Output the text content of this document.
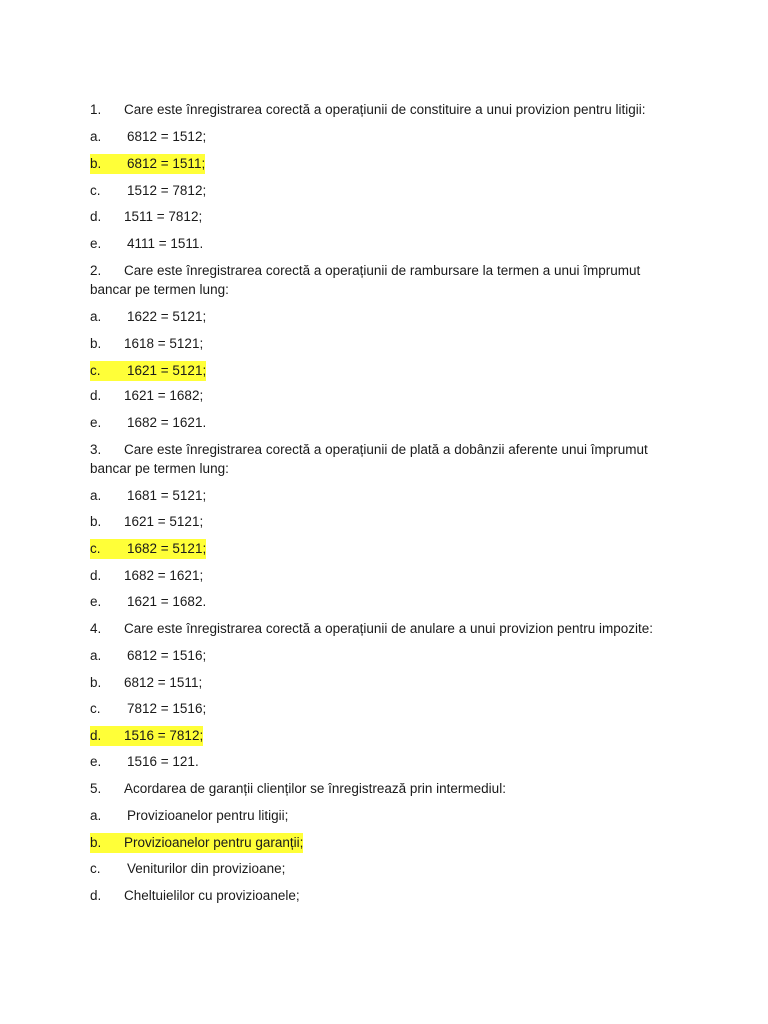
1. Care este înregistrarea corectă a operațiunii de constituire a unui provizion pentru litigii:
a. 6812 = 1512;
b. 6812 = 1511;
c. 1512 = 7812;
d. 1511 = 7812;
e. 4111 = 1511.
2. Care este înregistrarea corectă a operațiunii de rambursare la termen a unui împrumut
bancar pe termen lung:
a. 1622 = 5121;
b. 1618 = 5121;
c. 1621 = 5121;
d. 1621 = 1682;
e. 1682 = 1621.
3. Care este înregistrarea corectă a operațiunii de plată a dobânzii aferente unui împrumut
bancar pe termen lung:
a. 1681 = 5121;
b. 1621 = 5121;
c. 1682 = 5121;
d. 1682 = 1621;
e. 1621 = 1682.
4. Care este înregistrarea corectă a operațiunii de anulare a unui provizion pentru impozite:
a. 6812 = 1516;
b. 6812 = 1511;
c. 7812 = 1516;
d. 1516 = 7812;
e. 1516 = 121.
5. Acordarea de garanții clienților se înregistrează prin intermediul:
a. Provizioanelor pentru litigii;
b. Provizioanelor pentru garanții;
c. Veniturilor din provizioane;
d. Cheltuielilor cu provizioanele;
